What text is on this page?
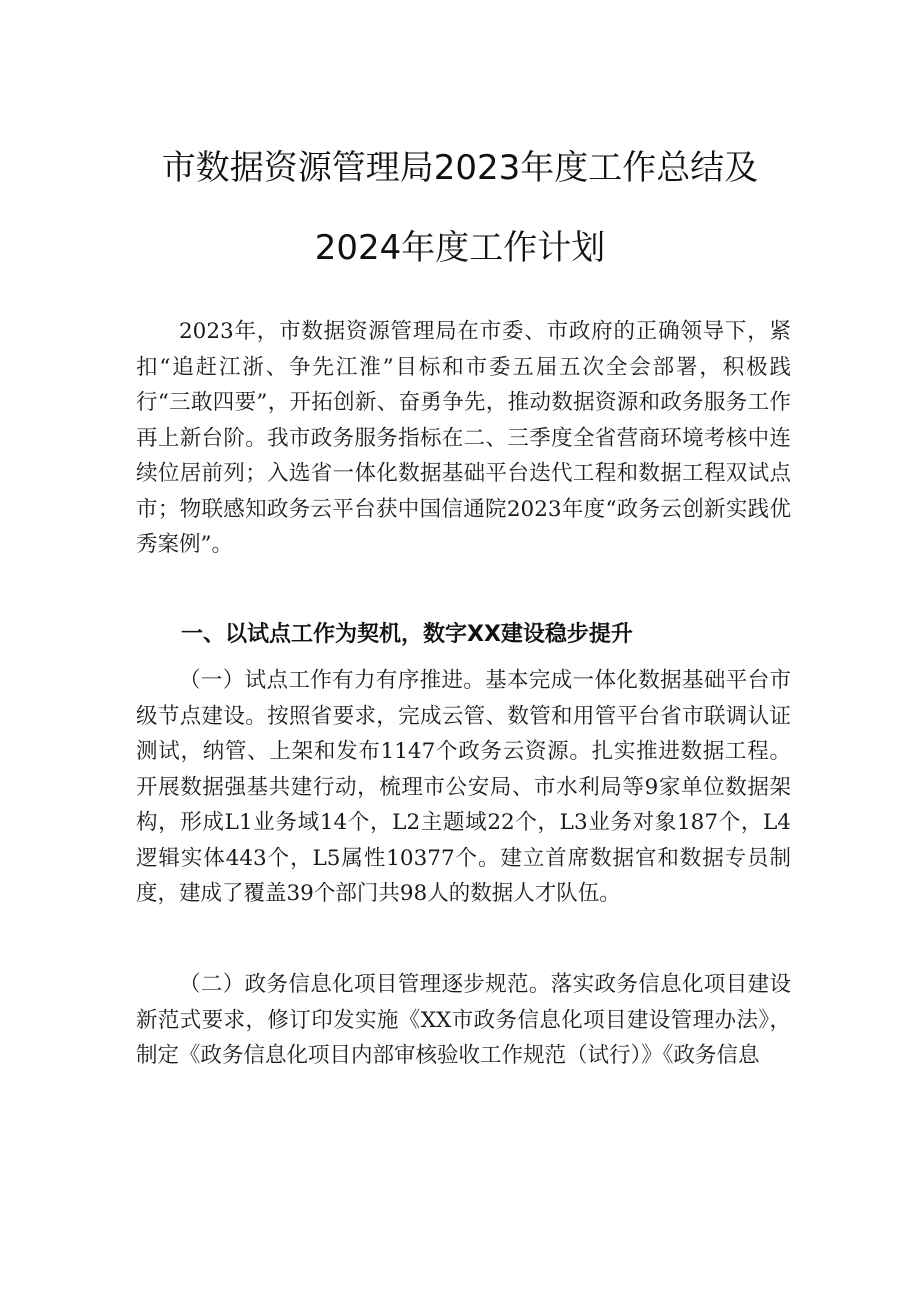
市数据资源管理局2023年度工作总结及
2024年度工作计划

2023年，市数据资源管理局在市委、市政府的正确领导下，紧扣“追赶江浙、争先江淮”目标和市委五届五次全会部署，积极践行“三敢四要”，开拓创新、奋勇争先，推动数据资源和政务服务工作再上新台阶。我市政务服务指标在二、三季度全省营商环境考核中连续位居前列；入选省一体化数据基础平台迭代工程和数据工程双试点市；物联感知政务云平台获中国信通院2023年度“政务云创新实践优秀案例”。

一、以试点工作为契机，数字XX建设稳步提升

（一）试点工作有力有序推进。基本完成一体化数据基础平台市级节点建设。按照省要求，完成云管、数管和用管平台省市联调认证测试，纳管、上架和发布1147个政务云资源。扎实推进数据工程。开展数据强基共建行动，梳理市公安局、市水利局等9家单位数据架构，形成L1业务域14个，L2主题域22个，L3业务对象187个，L4逻辑实体443个，L5属性10377个。建立首席数据官和数据专员制度，建成了覆盖39个部门共98人的数据人才队伍。

（二）政务信息化项目管理逐步规范。落实政务信息化项目建设新范式要求，修订印发实施《XX市政务信息化项目建设管理办法》，制定《政务信息化项目内部审核验收工作规范（试行）》《政务信息
